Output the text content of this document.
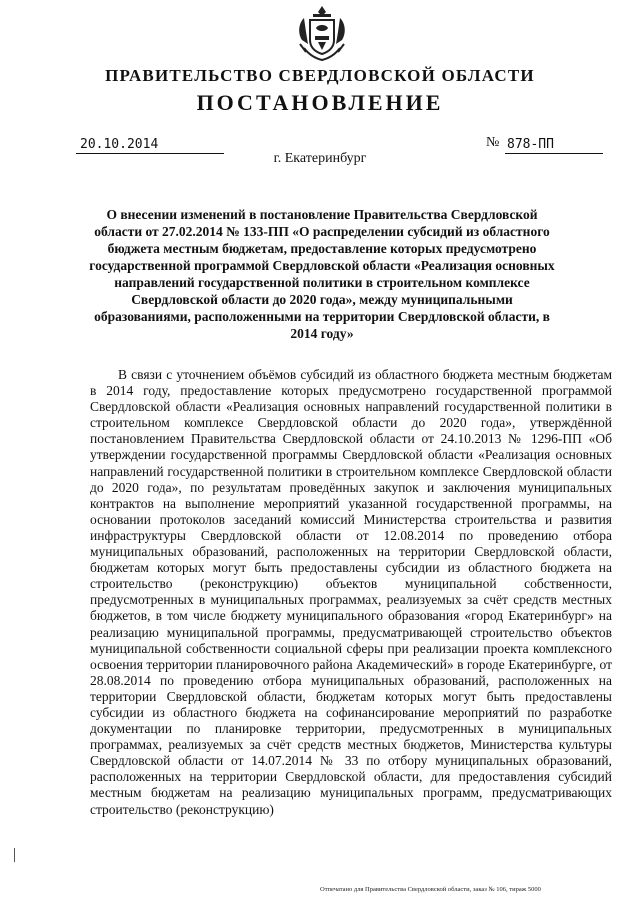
ПРАВИТЕЛЬСТВО СВЕРДЛОВСКОЙ ОБЛАСТИ
ПОСТАНОВЛЕНИЕ
20.10.2014	№ 878-ПП
г. Екатеринбург
О внесении изменений в постановление Правительства Свердловской области от 27.02.2014 № 133-ПП «О распределении субсидий из областного бюджета местным бюджетам, предоставление которых предусмотрено государственной программой Свердловской области «Реализация основных направлений государственной политики в строительном комплексе Свердловской области до 2020 года», между муниципальными образованиями, расположенными на территории Свердловской области, в 2014 году»

В связи с уточнением объёмов субсидий из областного бюджета местным бюджетам в 2014 году, предоставление которых предусмотрено государственной программой Свердловской области «Реализация основных направлений государственной политики в строительном комплексе Свердловской области до 2020 года», утверждённой постановлением Правительства Свердловской области от 24.10.2013 № 1296-ПП «Об утверждении государственной программы Свердловской области «Реализация основных направлений государственной политики в строительном комплексе Свердловской области до 2020 года», по результатам проведённых закупок и заключения муниципальных контрактов на выполнение мероприятий указанной государственной программы, на основании протоколов заседаний комиссий Министерства строительства и развития инфраструктуры Свердловской области от 12.08.2014 по проведению отбора муниципальных образований, расположенных на территории Свердловской области, бюджетам которых могут быть предоставлены субсидии из областного бюджета на строительство (реконструкцию) объектов муниципальной собственности, предусмотренных в муниципальных программах, реализуемых за счёт средств местных бюджетов, в том числе бюджету муниципального образования «город Екатеринбург» на реализацию муниципальной программы, предусматривающей строительство объектов муниципальной собственности социальной сферы при реализации проекта комплексного освоения территории планировочного района Академический» в городе Екатеринбурге, от 28.08.2014 по проведению отбора муниципальных образований, расположенных на территории Свердловской области, бюджетам которых могут быть предоставлены субсидии из областного бюджета на софинансирование мероприятий по разработке документации по планировке территории, предусмотренных в муниципальных программах, реализуемых за счёт средств местных бюджетов, Министерства культуры Свердловской области от 14.07.2014 № 33 по отбору муниципальных образований, расположенных на территории Свердловской области, для предоставления субсидий местным бюджетам на реализацию муниципальных программ, предусматривающих строительство (реконструкцию)

Отпечатано для Правительства Свердловской области, заказ № 106, тираж 5000
